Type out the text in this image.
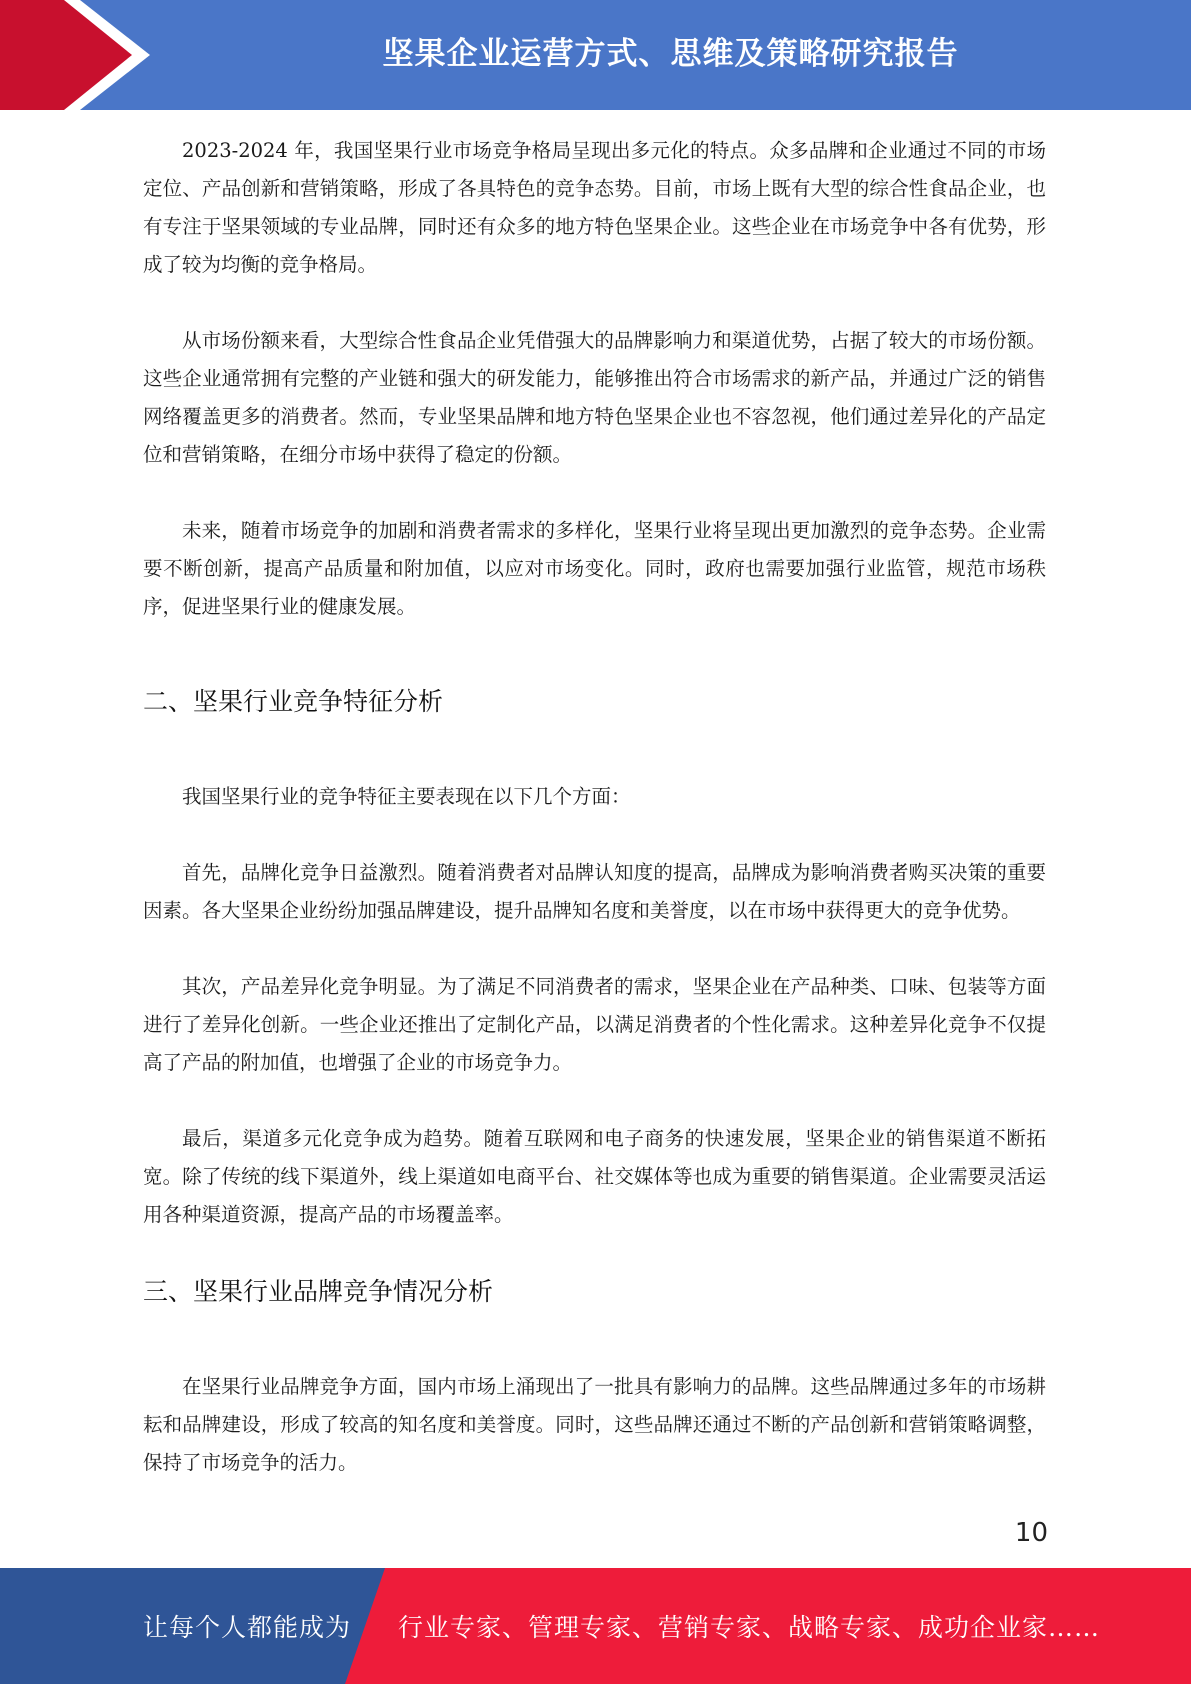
坚果企业运营方式、思维及策略研究报告

2023-2024 年，我国坚果行业市场竞争格局呈现出多元化的特点。众多品牌和企业通过不同的市场定位、产品创新和营销策略，形成了各具特色的竞争态势。目前，市场上既有大型的综合性食品企业，也有专注于坚果领域的专业品牌，同时还有众多的地方特色坚果企业。这些企业在市场竞争中各有优势，形成了较为均衡的竞争格局。

从市场份额来看，大型综合性食品企业凭借强大的品牌影响力和渠道优势，占据了较大的市场份额。这些企业通常拥有完整的产业链和强大的研发能力，能够推出符合市场需求的新产品，并通过广泛的销售网络覆盖更多的消费者。然而，专业坚果品牌和地方特色坚果企业也不容忽视，他们通过差异化的产品定位和营销策略，在细分市场中获得了稳定的份额。

未来，随着市场竞争的加剧和消费者需求的多样化，坚果行业将呈现出更加激烈的竞争态势。企业需要不断创新，提高产品质量和附加值，以应对市场变化。同时，政府也需要加强行业监管，规范市场秩序，促进坚果行业的健康发展。

二、坚果行业竞争特征分析

我国坚果行业的竞争特征主要表现在以下几个方面：

首先，品牌化竞争日益激烈。随着消费者对品牌认知度的提高，品牌成为影响消费者购买决策的重要因素。各大坚果企业纷纷加强品牌建设，提升品牌知名度和美誉度，以在市场中获得更大的竞争优势。

其次，产品差异化竞争明显。为了满足不同消费者的需求，坚果企业在产品种类、口味、包装等方面进行了差异化创新。一些企业还推出了定制化产品，以满足消费者的个性化需求。这种差异化竞争不仅提高了产品的附加值，也增强了企业的市场竞争力。

最后，渠道多元化竞争成为趋势。随着互联网和电子商务的快速发展，坚果企业的销售渠道不断拓宽。除了传统的线下渠道外，线上渠道如电商平台、社交媒体等也成为重要的销售渠道。企业需要灵活运用各种渠道资源，提高产品的市场覆盖率。

三、坚果行业品牌竞争情况分析

在坚果行业品牌竞争方面，国内市场上涌现出了一批具有影响力的品牌。这些品牌通过多年的市场耕耘和品牌建设，形成了较高的知名度和美誉度。同时，这些品牌还通过不断的产品创新和营销策略调整，保持了市场竞争的活力。

10
让每个人都能成为 行业专家、管理专家、营销专家、战略专家、成功企业家……
